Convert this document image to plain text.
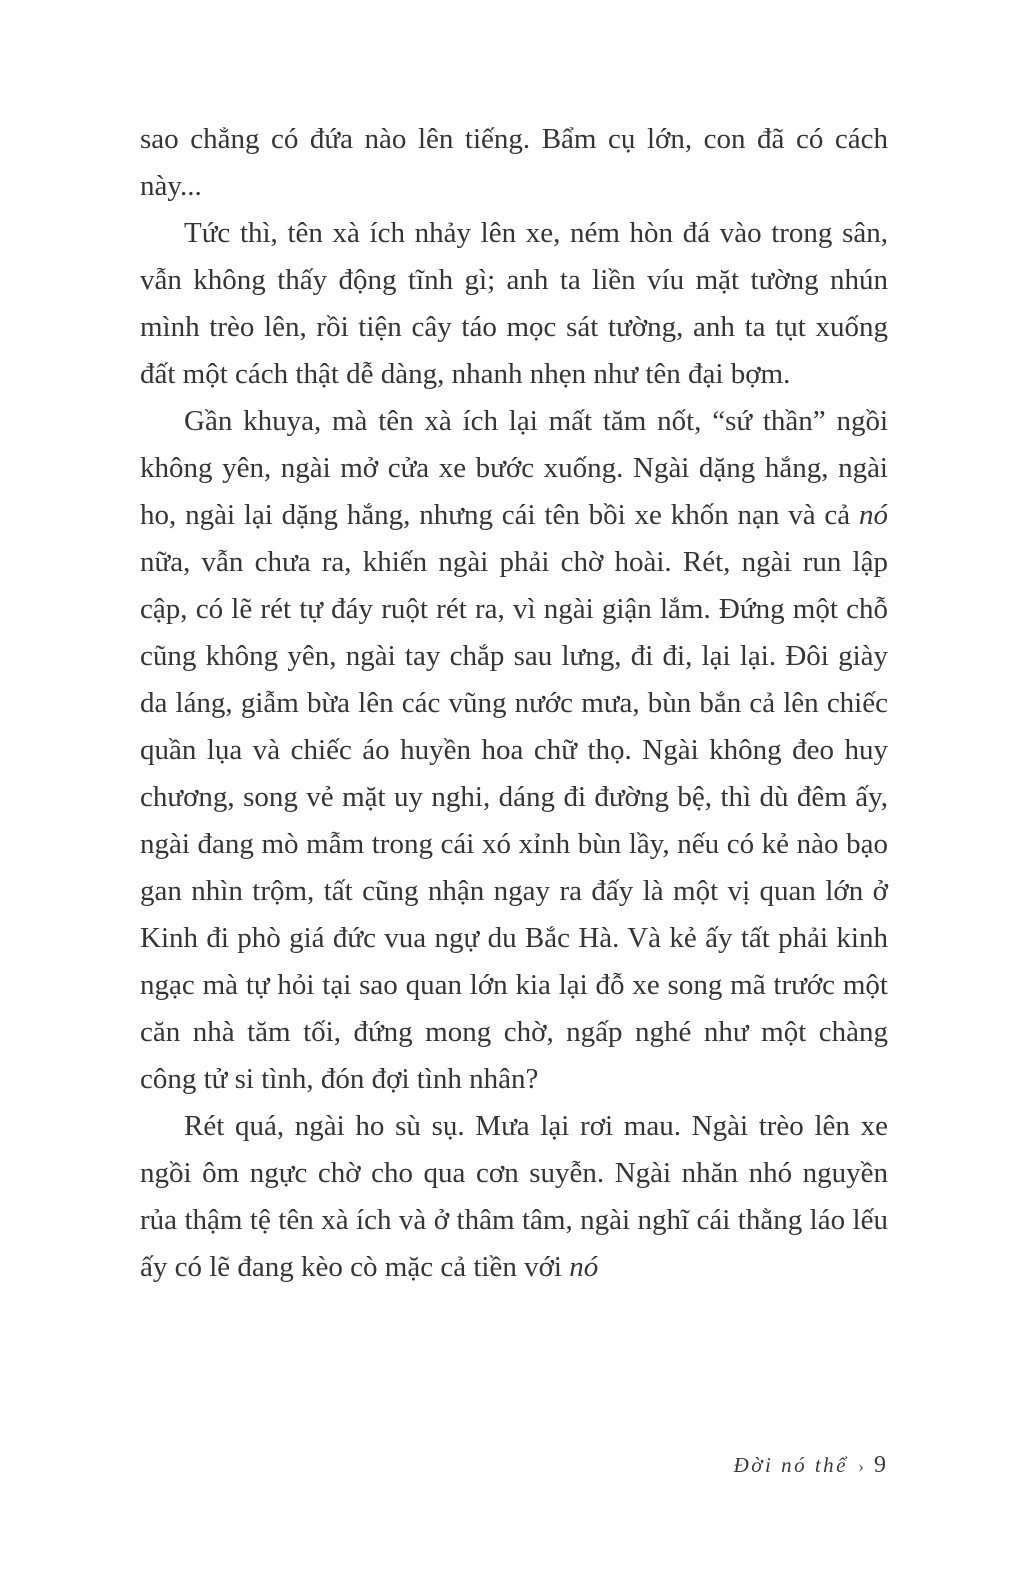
sao chẳng có đứa nào lên tiếng. Bẩm cụ lớn, con đã có cách này...

Tức thì, tên xà ích nhảy lên xe, ném hòn đá vào trong sân, vẫn không thấy động tĩnh gì; anh ta liền víu mặt tường nhún mình trèo lên, rồi tiện cây táo mọc sát tường, anh ta tụt xuống đất một cách thật dễ dàng, nhanh nhẹn như tên đại bợm.

Gần khuya, mà tên xà ích lại mất tăm nốt, “sứ thần” ngồi không yên, ngài mở cửa xe bước xuống. Ngài dặng hắng, ngài ho, ngài lại dặng hắng, nhưng cái tên bồi xe khốn nạn và cả nó nữa, vẫn chưa ra, khiến ngài phải chờ hoài. Rét, ngài run lập cập, có lẽ rét tự đáy ruột rét ra, vì ngài giận lắm. Đứng một chỗ cũng không yên, ngài tay chắp sau lưng, đi đi, lại lại. Đôi giày da láng, giẫm bừa lên các vũng nước mưa, bùn bắn cả lên chiếc quần lụa và chiếc áo huyền hoa chữ thọ. Ngài không đeo huy chương, song vẻ mặt uy nghi, dáng đi đường bệ, thì dù đêm ấy, ngài đang mò mẫm trong cái xó xỉnh bùn lầy, nếu có kẻ nào bạo gan nhìn trộm, tất cũng nhận ngay ra đấy là một vị quan lớn ở Kinh đi phò giá đức vua ngự du Bắc Hà. Và kẻ ấy tất phải kinh ngạc mà tự hỏi tại sao quan lớn kia lại đỗ xe song mã trước một căn nhà tăm tối, đứng mong chờ, ngấp nghé như một chàng công tử si tình, đón đợi tình nhân?

Rét quá, ngài ho sù sụ. Mưa lại rơi mau. Ngài trèo lên xe ngồi ôm ngực chờ cho qua cơn suyễn. Ngài nhăn nhó nguyền rủa thậm tệ tên xà ích và ở thâm tâm, ngài nghĩ cái thằng láo lếu ấy có lẽ đang kèo cò mặc cả tiền với nó

Đời nó thể › 9
